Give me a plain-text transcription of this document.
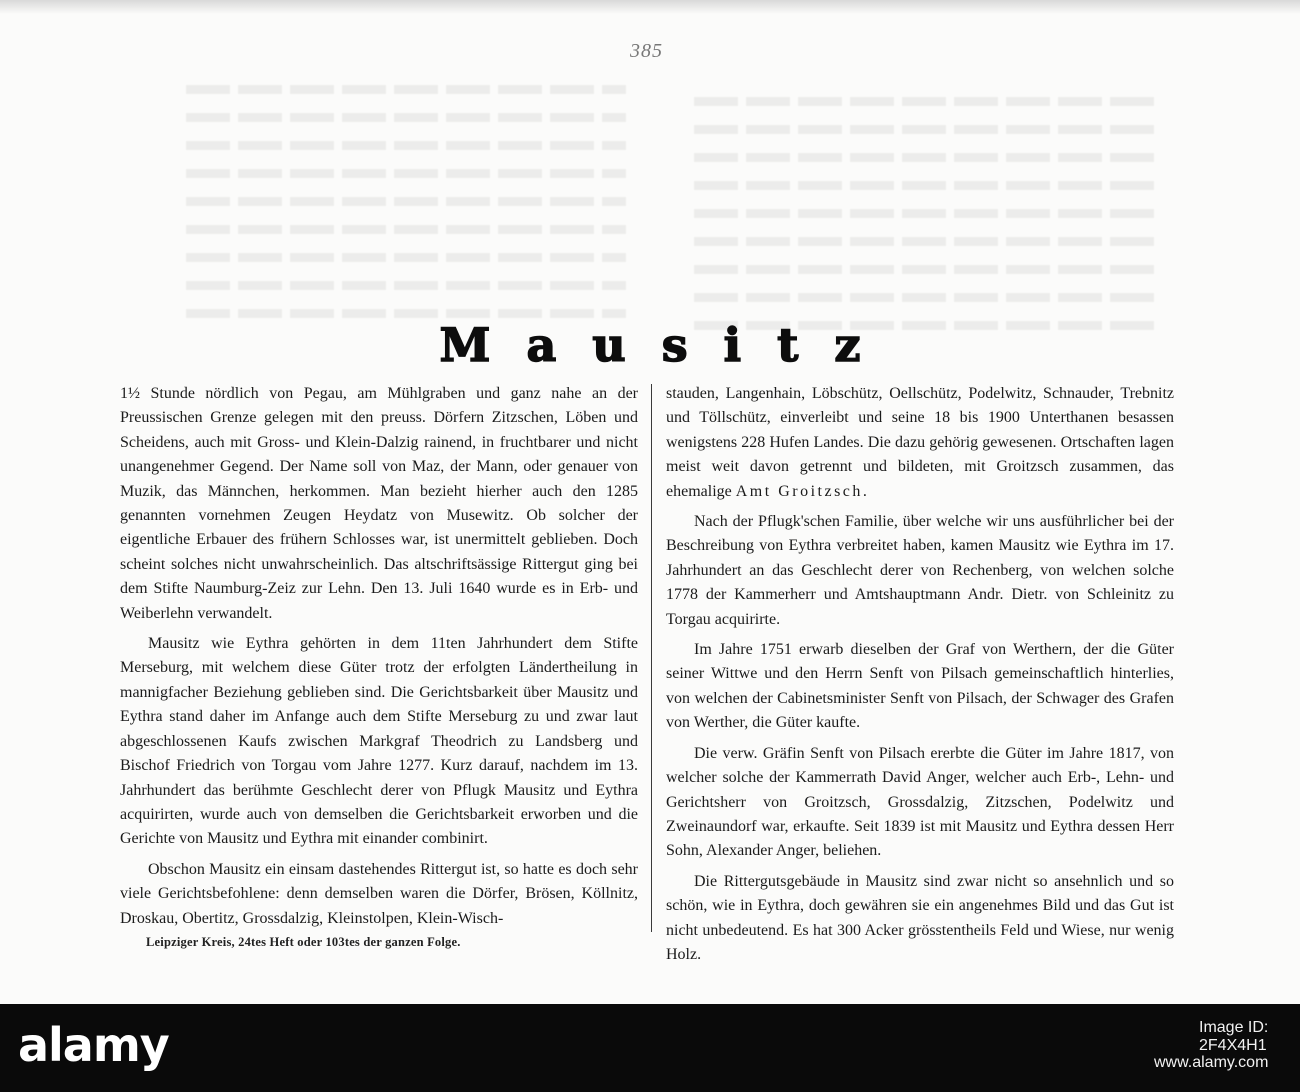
385
Mausitz

1½ Stunde nördlich von Pegau, am Mühlgraben und ganz nahe an der Preussischen Grenze gelegen mit den preuss. Dörfern Zitzschen, Löben und Scheidens, auch mit Gross- und Klein-Dalzig rainend, in fruchtbarer und nicht unangenehmer Gegend. Der Name soll von Maz, der Mann, oder genauer von Muzik, das Männchen, herkommen. Man bezieht hierher auch den 1285 genannten vornehmen Zeugen Heydatz von Musewitz. Ob solcher der eigentliche Erbauer des frühern Schlosses war, ist unermittelt geblieben. Doch scheint solches nicht unwahrscheinlich. Das altschriftsässige Rittergut ging bei dem Stifte Naumburg-Zeiz zur Lehn. Den 13. Juli 1640 wurde es in Erb- und Weiberlehn verwandelt.

Mausitz wie Eythra gehörten in dem 11ten Jahrhundert dem Stifte Merseburg, mit welchem diese Güter trotz der erfolgten Ländertheilung in mannigfacher Beziehung geblieben sind. Die Gerichtsbarkeit über Mausitz und Eythra stand daher im Anfange auch dem Stifte Merseburg zu und zwar laut abgeschlossenen Kaufs zwischen Markgraf Theodrich zu Landsberg und Bischof Friedrich von Torgau vom Jahre 1277. Kurz darauf, nachdem im 13. Jahrhundert das berühmte Geschlecht derer von Pflugk Mausitz und Eythra acquirirten, wurde auch von demselben die Gerichtsbarkeit erworben und die Gerichte von Mausitz und Eythra mit einander combinirt.

Obschon Mausitz ein einsam dastehendes Rittergut ist, so hatte es doch sehr viele Gerichtsbefohlene: denn demselben waren die Dörfer, Brösen, Köllnitz, Droskau, Obertitz, Grossdalzig, Kleinstolpen, Klein-Wisch-

stauden, Langenhain, Löbschütz, Oellschütz, Podelwitz, Schnauder, Trebnitz und Töllschütz, einverleibt und seine 18 bis 1900 Unterthanen besassen wenigstens 228 Hufen Landes. Die dazu gehörig gewesenen. Ortschaften lagen meist weit davon getrennt und bildeten, mit Groitzsch zusammen, das ehemalige Amt Groitzsch.

Nach der Pflugk'schen Familie, über welche wir uns ausführlicher bei der Beschreibung von Eythra verbreitet haben, kamen Mausitz wie Eythra im 17. Jahrhundert an das Geschlecht derer von Rechenberg, von welchen solche 1778 der Kammerherr und Amtshauptmann Andr. Dietr. von Schleinitz zu Torgau acquirirte.

Im Jahre 1751 erwarb dieselben der Graf von Werthern, der die Güter seiner Wittwe und den Herrn Senft von Pilsach gemeinschaftlich hinterlies, von welchen der Cabinetsminister Senft von Pilsach, der Schwager des Grafen von Werther, die Güter kaufte.

Die verw. Gräfin Senft von Pilsach ererbte die Güter im Jahre 1817, von welcher solche der Kammerrath David Anger, welcher auch Erb-, Lehn- und Gerichtsherr von Groitzsch, Grossdalzig, Zitzschen, Podelwitz und Zweinaundorf war, erkaufte. Seit 1839 ist mit Mausitz und Eythra dessen Herr Sohn, Alexander Anger, beliehen.

Die Rittergutsgebäude in Mausitz sind zwar nicht so ansehnlich und so schön, wie in Eythra, doch gewähren sie ein angenehmes Bild und das Gut ist nicht unbedeutend. Es hat 300 Acker grösstentheils Feld und Wiese, nur wenig Holz.

Leipziger Kreis, 24tes Heft oder 103tes der ganzen Folge.
alamy	Image ID: 2F4X4H1
www.alamy.com
